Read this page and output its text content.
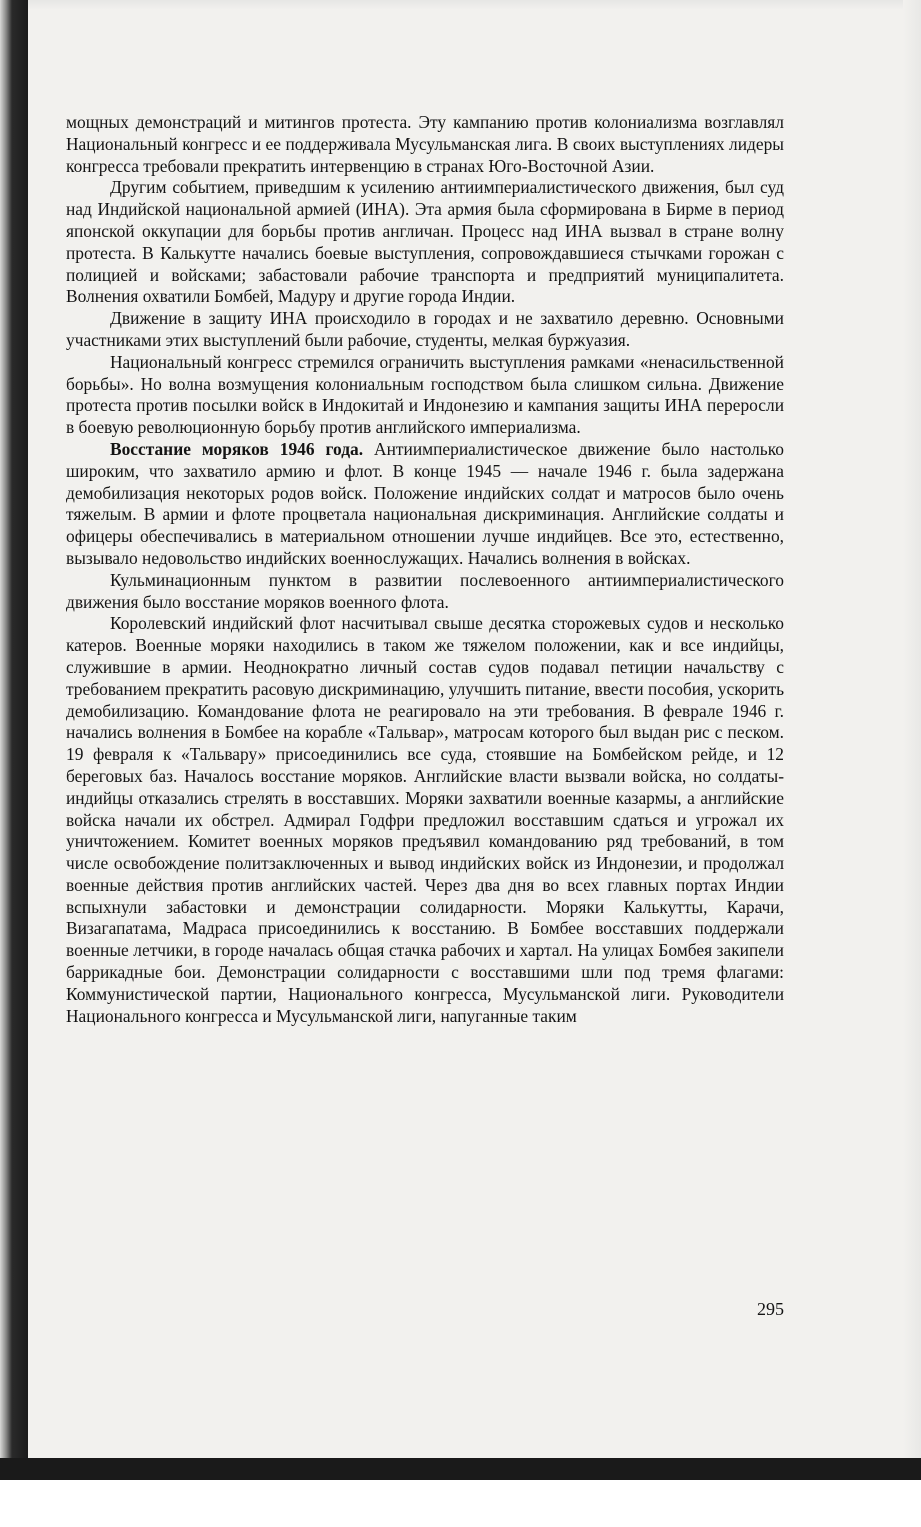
мощных демонстраций и митингов протеста. Эту кампанию против колониализма возглавлял Национальный конгресс и ее поддерживала Мусульманская лига. В своих выступлениях лидеры конгресса требовали прекратить интервенцию в странах Юго-Восточной Азии.

Другим событием, приведшим к усилению антиимпериалистического движения, был суд над Индийской национальной армией (ИНА). Эта армия была сформирована в Бирме в период японской оккупации для борьбы против англичан. Процесс над ИНА вызвал в стране волну протеста. В Калькутте начались боевые выступления, сопровождавшиеся стычками горожан с полицией и войсками; забастовали рабочие транспорта и предприятий муниципалитета. Волнения охватили Бомбей, Мадуру и другие города Индии.

Движение в защиту ИНА происходило в городах и не захватило деревню. Основными участниками этих выступлений были рабочие, студенты, мелкая буржуазия.

Национальный конгресс стремился ограничить выступления рамками «ненасильственной борьбы». Но волна возмущения колониальным господством была слишком сильна. Движение протеста против посылки войск в Индокитай и Индонезию и кампания защиты ИНА переросли в боевую революционную борьбу против английского империализма.

Восстание моряков 1946 года. Антиимпериалистическое движение было настолько широким, что захватило армию и флот. В конце 1945 — начале 1946 г. была задержана демобилизация некоторых родов войск. Положение индийских солдат и матросов было очень тяжелым. В армии и флоте процветала национальная дискриминация. Английские солдаты и офицеры обеспечивались в материальном отношении лучше индийцев. Все это, естественно, вызывало недовольство индийских военнослужащих. Начались волнения в войсках.

Кульминационным пунктом в развитии послевоенного антиимпериалистического движения было восстание моряков военного флота.

Королевский индийский флот насчитывал свыше десятка сторожевых судов и несколько катеров. Военные моряки находились в таком же тяжелом положении, как и все индийцы, служившие в армии. Неоднократно личный состав судов подавал петиции начальству с требованием прекратить расовую дискриминацию, улучшить питание, ввести пособия, ускорить демобилизацию. Командование флота не реагировало на эти требования. В феврале 1946 г. начались волнения в Бомбее на корабле «Тальвар», матросам которого был выдан рис с песком. 19 февраля к «Тальвару» присоединились все суда, стоявшие на Бомбейском рейде, и 12 береговых баз. Началось восстание моряков. Английские власти вызвали войска, но солдаты-индийцы отказались стрелять в восставших. Моряки захватили военные казармы, а английские войска начали их обстрел. Адмирал Годфри предложил восставшим сдаться и угрожал их уничтожением. Комитет военных моряков предъявил командованию ряд требований, в том числе освобождение политзаключенных и вывод индийских войск из Индонезии, и продолжал военные действия против английских частей. Через два дня во всех главных портах Индии вспыхнули забастовки и демонстрации солидарности. Моряки Калькутты, Карачи, Визагапатама, Мадраса присоединились к восстанию. В Бомбее восставших поддержали военные летчики, в городе началась общая стачка рабочих и хартал. На улицах Бомбея закипели баррикадные бои. Демонстрации солидарности с восставшими шли под тремя флагами: Коммунистической партии, Национального конгресса, Мусульманской лиги. Руководители Национального конгресса и Мусульманской лиги, напуганные таким

295
